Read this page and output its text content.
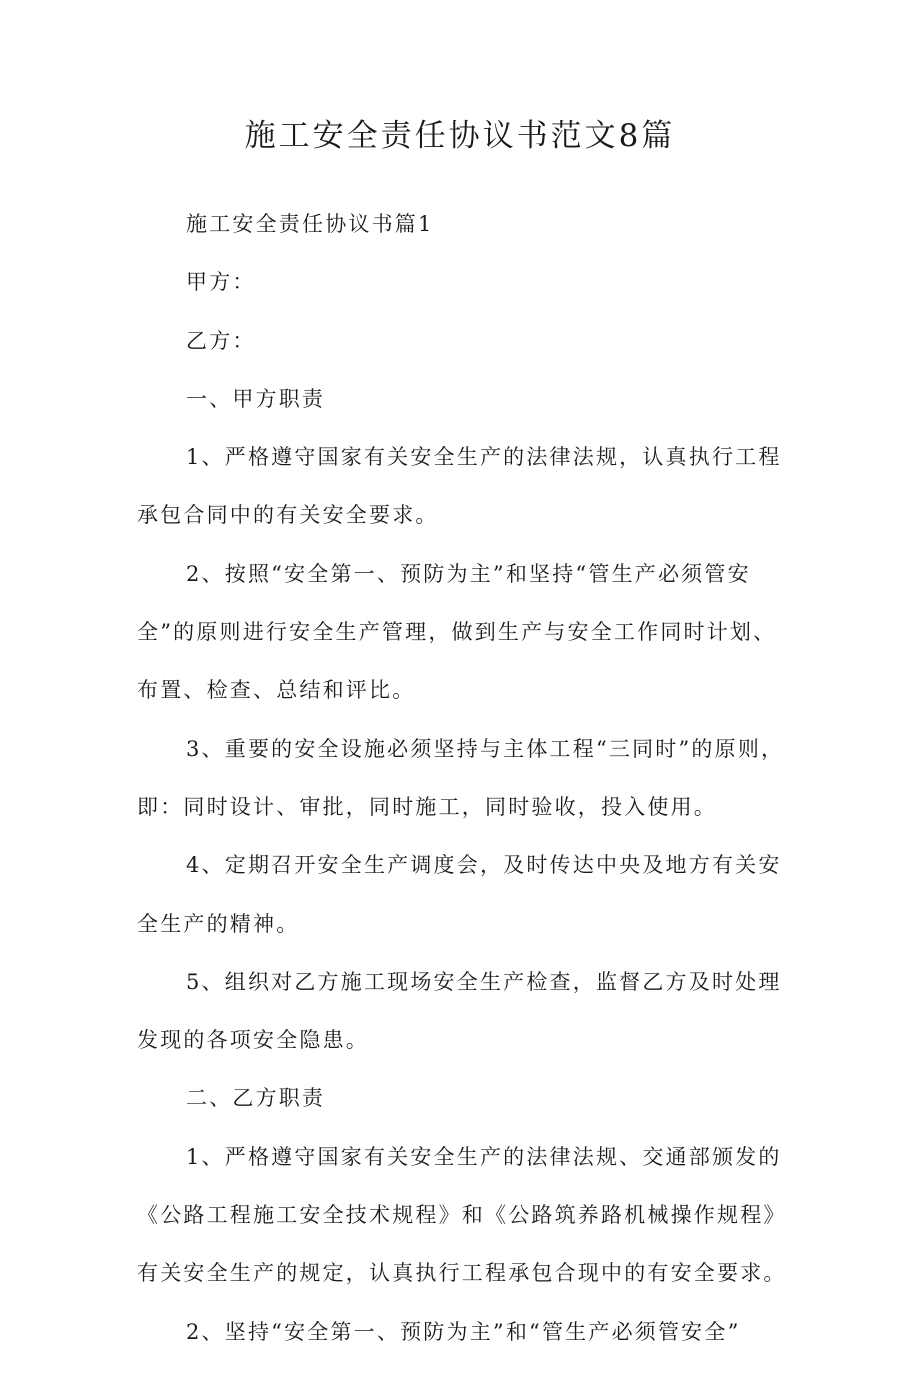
施工安全责任协议书范文8篇
施工安全责任协议书篇1
甲方：
乙方：
一、甲方职责
1、严格遵守国家有关安全生产的法律法规，认真执行工程
承包合同中的有关安全要求。
2、按照“安全第一、预防为主”和坚持“管生产必须管安
全”的原则进行安全生产管理，做到生产与安全工作同时计划、
布置、检查、总结和评比。
3、重要的安全设施必须坚持与主体工程“三同时”的原则，
即：同时设计、审批，同时施工，同时验收，投入使用。
4、定期召开安全生产调度会，及时传达中央及地方有关安
全生产的精神。
5、组织对乙方施工现场安全生产检查，监督乙方及时处理
发现的各项安全隐患。
二、乙方职责
1、严格遵守国家有关安全生产的法律法规、交通部颁发的
《公路工程施工安全技术规程》和《公路筑养路机械操作规程》
有关安全生产的规定，认真执行工程承包合现中的有安全要求。
2、坚持“安全第一、预防为主”和“管生产必须管安全”
